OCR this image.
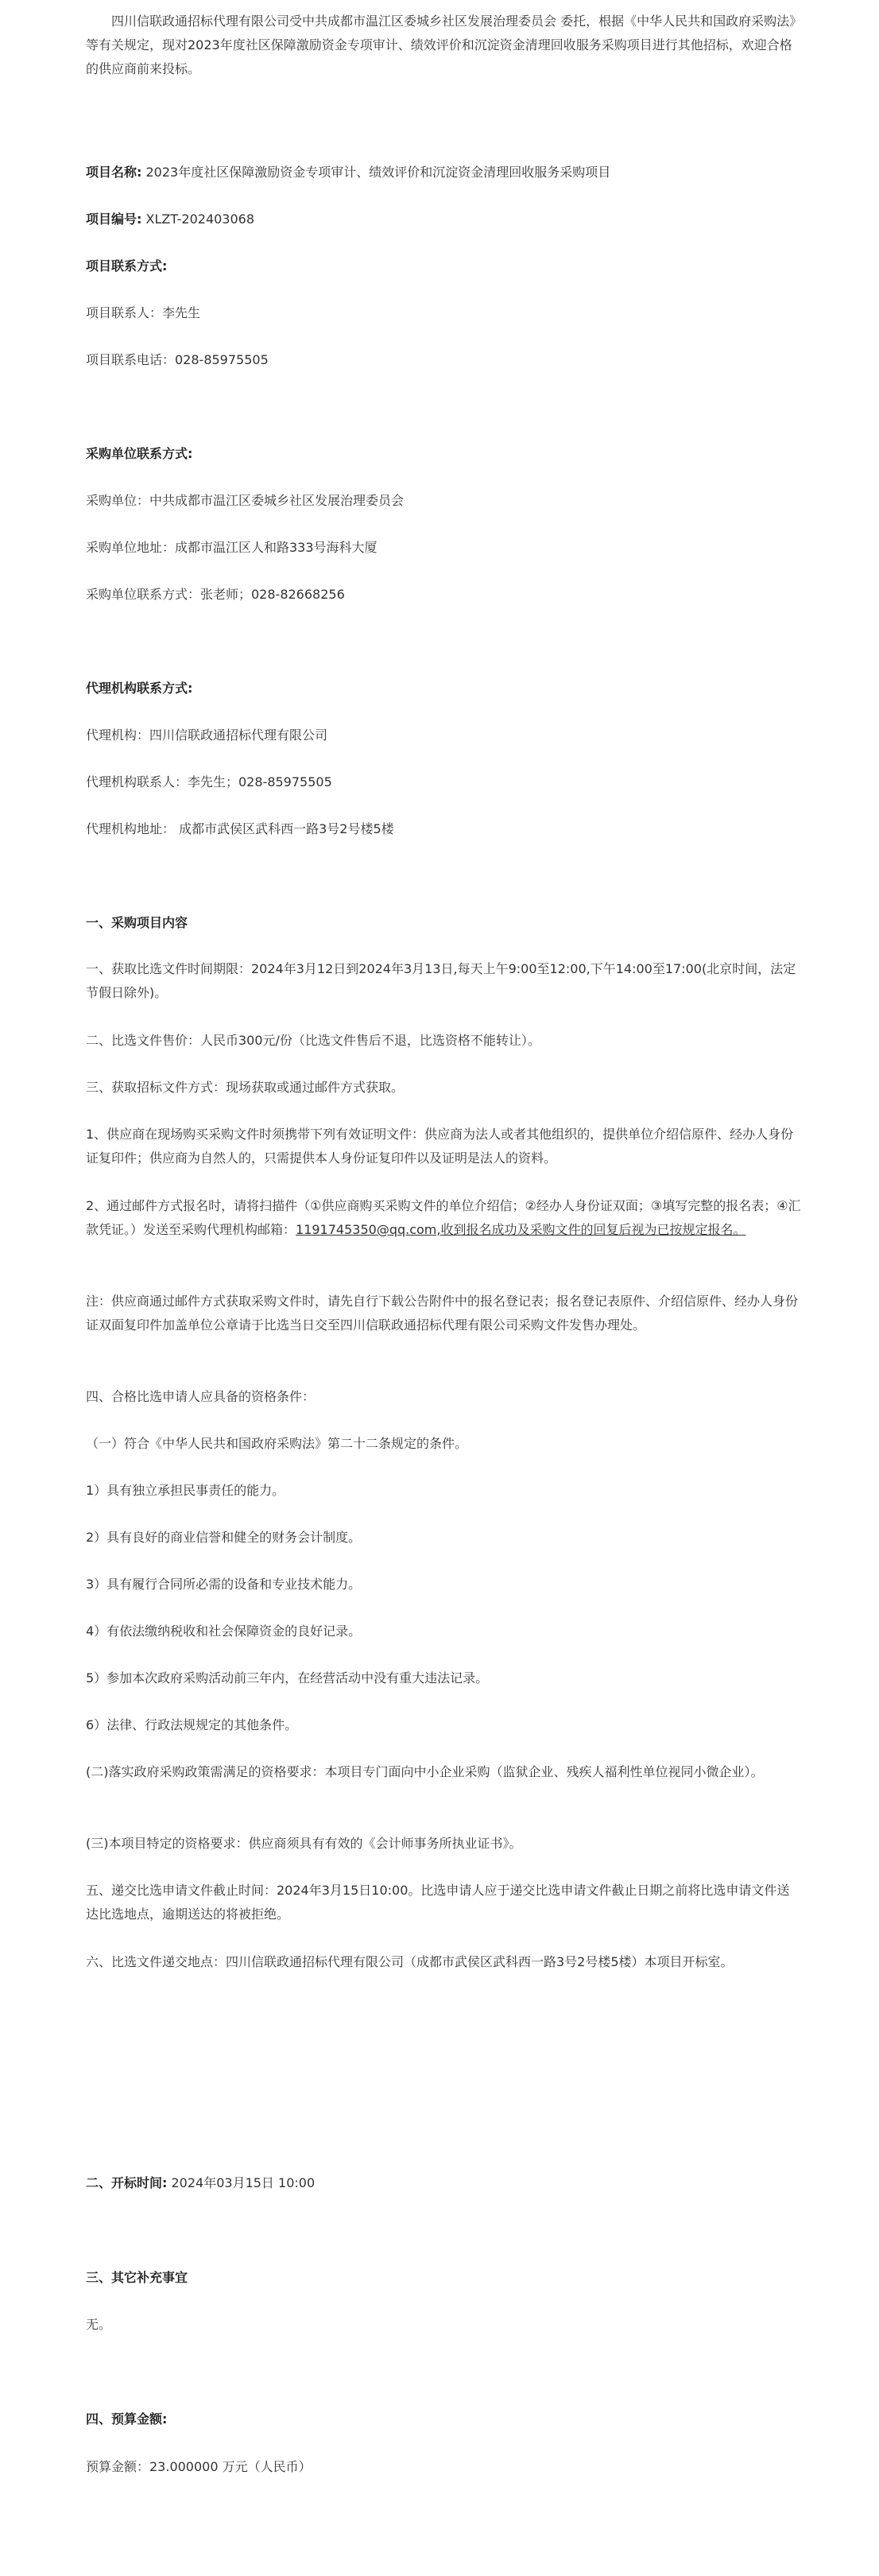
四川信联政通招标代理有限公司受中共成都市温江区委城乡社区发展治理委员会 委托，根据《中华人民共和国政府采购法》等有关规定，现对2023年度社区保障激励资金专项审计、绩效评价和沉淀资金清理回收服务采购项目进行其他招标，欢迎合格的供应商前来投标。

项目名称: 2023年度社区保障激励资金专项审计、绩效评价和沉淀资金清理回收服务采购项目

项目编号: XLZT-202403068

项目联系方式:

项目联系人：李先生

项目联系电话：028-85975505

采购单位联系方式:

采购单位：中共成都市温江区委城乡社区发展治理委员会

采购单位地址：成都市温江区人和路333号海科大厦

采购单位联系方式：张老师；028-82668256

代理机构联系方式:

代理机构：四川信联政通招标代理有限公司

代理机构联系人：李先生；028-85975505

代理机构地址： 成都市武侯区武科西一路3号2号楼5楼

一、采购项目内容

一、获取比选文件时间期限：2024年3月12日到2024年3月13日,每天上午9:00至12:00,下午14:00至17:00(北京时间，法定节假日除外)。

二、比选文件售价：人民币300元/份（比选文件售后不退，比选资格不能转让）。

三、获取招标文件方式：现场获取或通过邮件方式获取。

1、供应商在现场购买采购文件时须携带下列有效证明文件：供应商为法人或者其他组织的，提供单位介绍信原件、经办人身份证复印件；供应商为自然人的，只需提供本人身份证复印件以及证明是法人的资料。

2、通过邮件方式报名时，请将扫描件（①供应商购买采购文件的单位介绍信；②经办人身份证双面；③填写完整的报名表；④汇款凭证。）发送至采购代理机构邮箱：1191745350@qq.com,收到报名成功及采购文件的回复后视为已按规定报名。

注：供应商通过邮件方式获取采购文件时，请先自行下载公告附件中的报名登记表；报名登记表原件、介绍信原件、经办人身份证双面复印件加盖单位公章请于比选当日交至四川信联政通招标代理有限公司采购文件发售办理处。

四、合格比选申请人应具备的资格条件：

（一）符合《中华人民共和国政府采购法》第二十二条规定的条件。

1）具有独立承担民事责任的能力。

2）具有良好的商业信誉和健全的财务会计制度。

3）具有履行合同所必需的设备和专业技术能力。

4）有依法缴纳税收和社会保障资金的良好记录。

5）参加本次政府采购活动前三年内，在经营活动中没有重大违法记录。

6）法律、行政法规规定的其他条件。

(二)落实政府采购政策需满足的资格要求：本项目专门面向中小企业采购（监狱企业、残疾人福利性单位视同小微企业）。

(三)本项目特定的资格要求：供应商须具有有效的《会计师事务所执业证书》。

五、递交比选申请文件截止时间：2024年3月15日10:00。比选申请人应于递交比选申请文件截止日期之前将比选申请文件送达比选地点，逾期送达的将被拒绝。

六、比选文件递交地点：四川信联政通招标代理有限公司（成都市武侯区武科西一路3号2号楼5楼）本项目开标室。

二、开标时间: 2024年03月15日 10:00

三、其它补充事宜

无。

四、预算金额:

预算金额：23.000000 万元（人民币）
